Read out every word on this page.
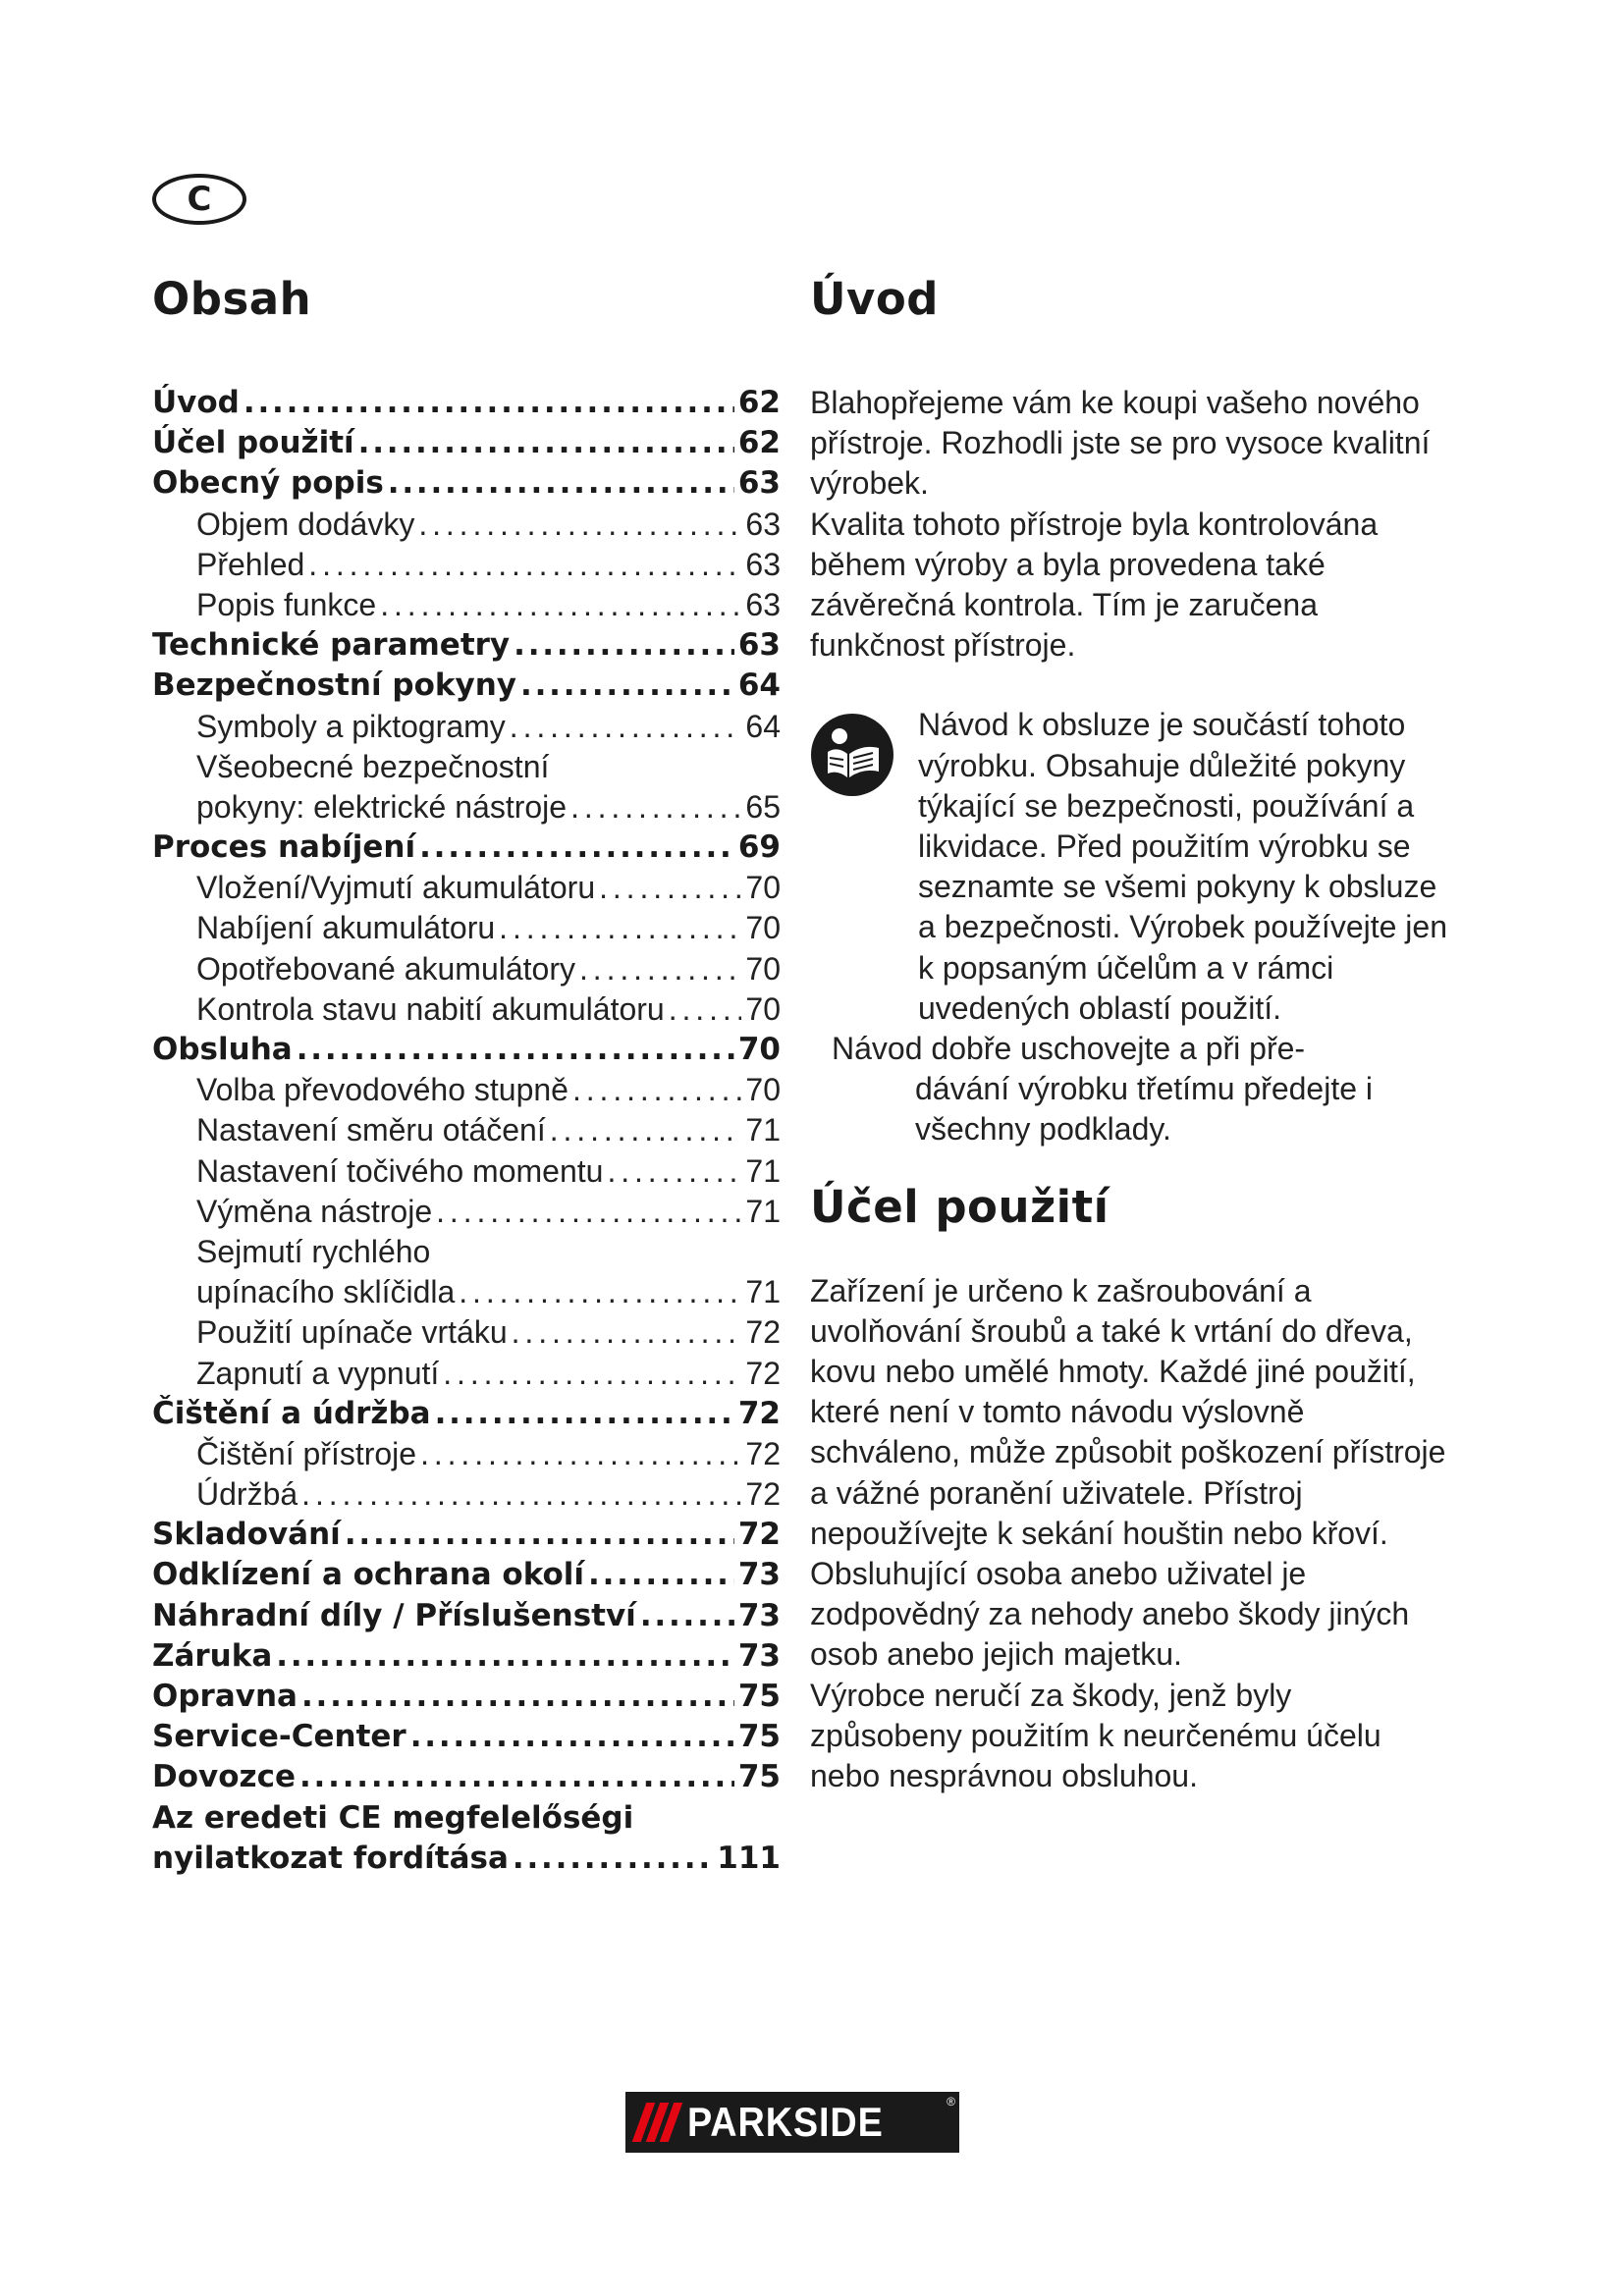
C
Obsah
Úvod . . .	62
Účel použití . . .	62
Obecný popis . . .	63
Objem dodávky . . .	63
Přehled . . .	63
Popis funkce . . .	63
Technické parametry . . .	63
Bezpečnostní pokyny . . .	64
Symboly a piktogramy . . .	64
Všeobecné bezpečnostní
pokyny: elektrické nástroje . . .	65
Proces nabíjení . . .	69
Vložení/Vyjmutí akumulátoru . . .	70
Nabíjení akumulátoru . . .	70
Opotřebované akumulátory . . .	70
Kontrola stavu nabití akumulátoru . . .	70
Obsluha . . .	70
Volba převodového stupně . . .	70
Nastavení směru otáčení . . .	71
Nastavení točivého momentu . . .	71
Výměna nástroje . . .	71
Sejmutí rychlého
upínacího sklíčidla . . .	71
Použití upínače vrtáku . . .	72
Zapnutí a vypnutí . . .	72
Čištění a údržba . . .	72
Čištění přístroje . . .	72
Údržbá . . .	72
Skladování . . .	72
Odklízení a ochrana okolí . . .	73
Náhradní díly / Příslušenství . . .	73
Záruka . . .	73
Opravna . . .	75
Service-Center . . .	75
Dovozce . . .	75
Az eredeti CE megfelelőségi
nyilatkozat fordítása . . .	111
Úvod

Blahopřejeme vám ke koupi vašeho nového přístroje. Rozhodli jste se pro vysoce kvalitní výrobek.

Kvalita tohoto přístroje byla kontrolována během výroby a byla provedena také závěrečná kontrola. Tím je zaručena funkčnost přístroje.

Návod k obsluze je součástí tohoto výrobku. Obsahuje důležité pokyny týkající se bezpečnosti, používání a likvidace. Před použitím výrobku se seznamte se všemi pokyny k obsluze a bezpečnosti. Výrobek používejte jen k popsaným účelům a v rámci uvedených oblastí použití.

Návod dobře uschovejte a při pře-
dávání výrobku třetímu předejte i všechny podklady.

Účel použití

Zařízení je určeno k zašroubování a uvolňování šroubů a také k vrtání do dřeva, kovu nebo umělé hmoty. Každé jiné použití, které není v tomto návodu výslovně schváleno, může způsobit poškození přístroje a vážné poranění uživatele. Přístroj nepoužívejte k sekání houštin nebo křoví. Obsluhující osoba anebo uživatel je zodpovědný za nehody anebo škody jiných osob anebo jejich majetku.

Výrobce neručí za škody, jenž byly způsobeny použitím k neurčenému účelu nebo nesprávnou obsluhou.

PARKSIDE	®
